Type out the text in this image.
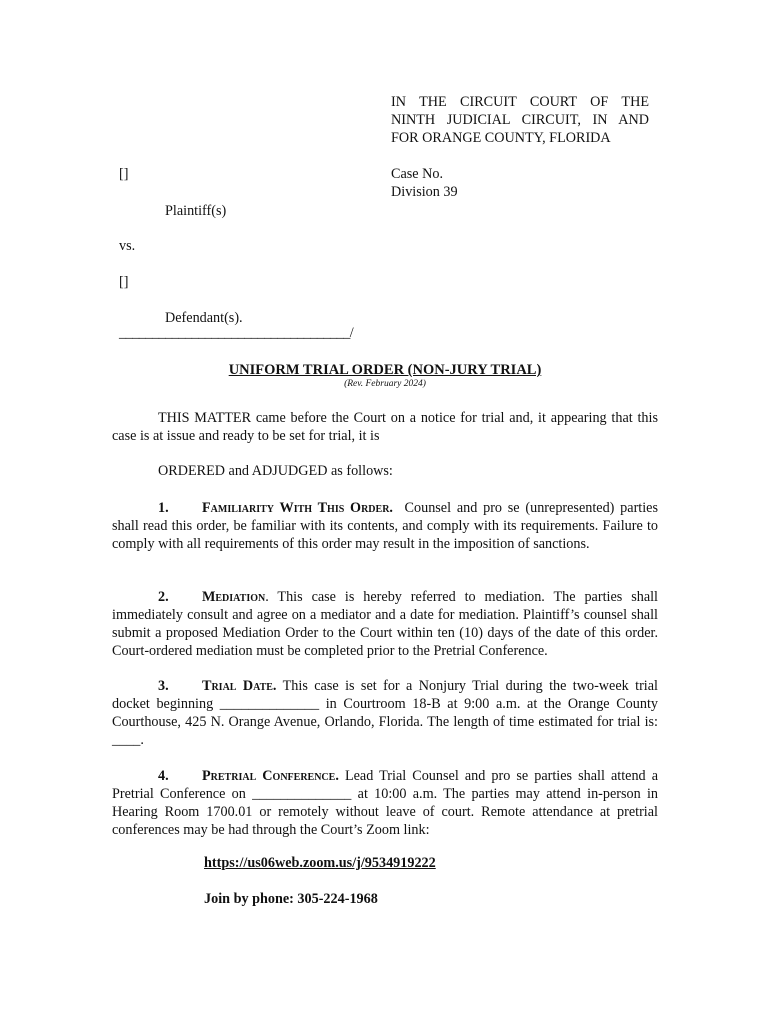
IN THE CIRCUIT COURT OF THE
NINTH JUDICIAL CIRCUIT, IN AND
FOR ORANGE COUNTY, FLORIDA
[]	Case No.
Division 39
Plaintiff(s)
vs.
[]
Defendant(s).
___________________________________/
UNIFORM TRIAL ORDER (NON-JURY TRIAL)
(Rev. February 2024)
THIS MATTER came before the Court on a notice for trial and, it appearing that this case is at issue and ready to be set for trial, it is
ORDERED and ADJUDGED as follows:
1. Familiarity With This Order. Counsel and pro se (unrepresented) parties shall read this order, be familiar with its contents, and comply with its requirements. Failure to comply with all requirements of this order may result in the imposition of sanctions.
2. Mediation. This case is hereby referred to mediation. The parties shall immediately consult and agree on a mediator and a date for mediation. Plaintiff’s counsel shall submit a proposed Mediation Order to the Court within ten (10) days of the date of this order. Court-ordered mediation must be completed prior to the Pretrial Conference.
3. Trial Date. This case is set for a Nonjury Trial during the two-week trial docket beginning ______________ in Courtroom 18-B at 9:00 a.m. at the Orange County Courthouse, 425 N. Orange Avenue, Orlando, Florida. The length of time estimated for trial is: ____.
4. Pretrial Conference. Lead Trial Counsel and pro se parties shall attend a Pretrial Conference on ______________ at 10:00 a.m. The parties may attend in-person in Hearing Room 1700.01 or remotely without leave of court. Remote attendance at pretrial conferences may be had through the Court’s Zoom link:
https://us06web.zoom.us/j/9534919222
Join by phone: 305-224-1968
